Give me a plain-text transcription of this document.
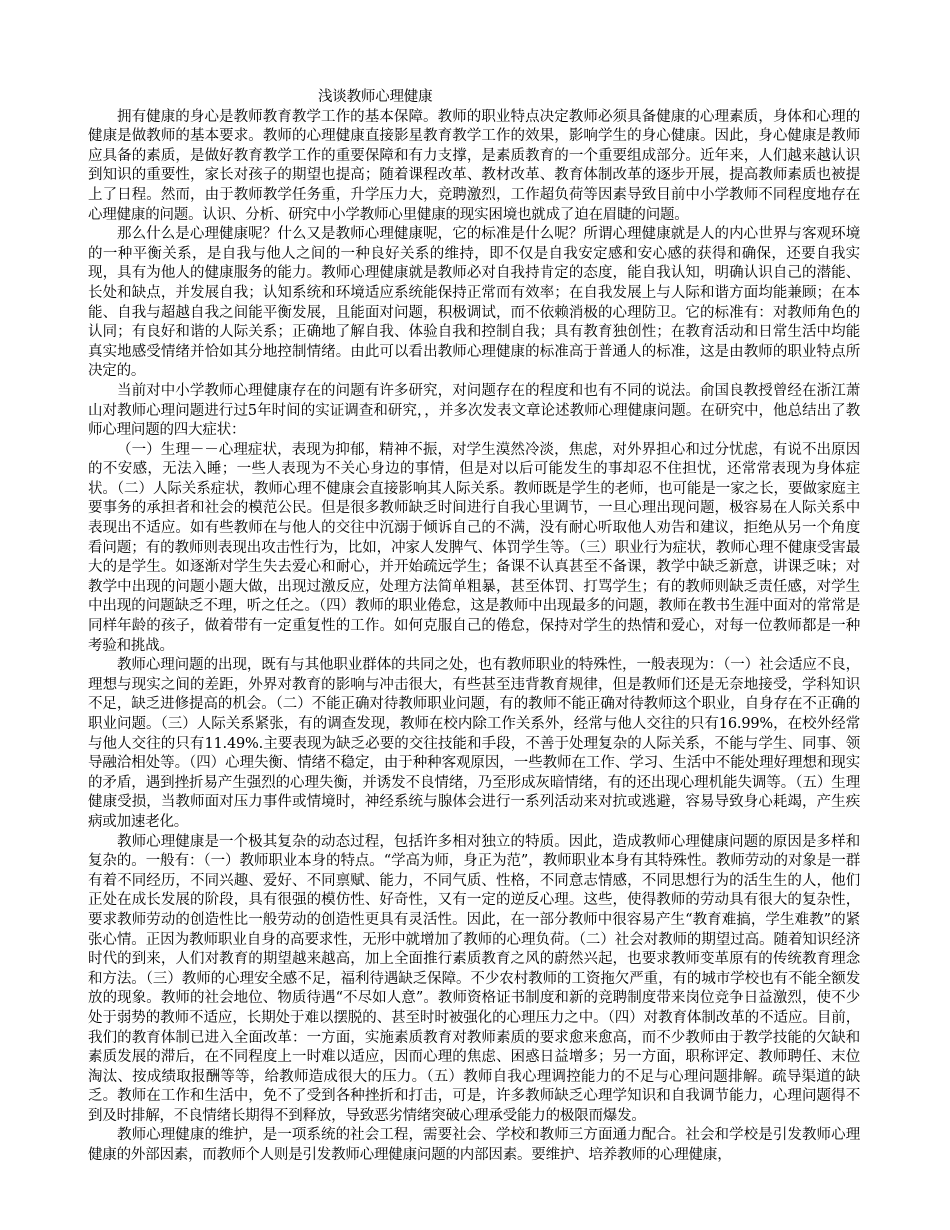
浅谈教师心理健康

拥有健康的身心是教师教育教学工作的基本保障。教师的职业特点决定教师必须具备健康的心理素质，身体和心理的健康是做教师的基本要求。教师的心理健康直接影星教育教学工作的效果，影响学生的身心健康。因此，身心健康是教师应具备的素质，是做好教育教学工作的重要保障和有力支撑，是素质教育的一个重要组成部分。近年来，人们越来越认识到知识的重要性，家长对孩子的期望也提高；随着课程改革、教材改革、教育体制改革的逐步开展，提高教师素质也被提上了日程。然而，由于教师教学任务重，升学压力大，竞聘激烈，工作超负荷等因素导致目前中小学教师不同程度地存在心理健康的问题。认识、分析、研究中小学教师心里健康的现实困境也就成了迫在眉睫的问题。

那么什么是心理健康呢？什么又是教师心理健康呢，它的标准是什么呢？所谓心理健康就是人的内心世界与客观环境的一种平衡关系，是自我与他人之间的一种良好关系的维持，即不仅是自我安定感和安心感的获得和确保，还要自我实现，具有为他人的健康服务的能力。教师心理健康就是教师必对自我持肯定的态度，能自我认知，明确认识自己的潜能、长处和缺点，并发展自我；认知系统和环境适应系统能保持正常而有效率；在自我发展上与人际和谐方面均能兼顾；在本能、自我与超越自我之间能平衡发展，且能面对问题，积极调试，而不依赖消极的心理防卫。它的标准有：对教师角色的认同；有良好和谐的人际关系；正确地了解自我、体验自我和控制自我；具有教育独创性；在教育活动和日常生活中均能真实地感受情绪并恰如其分地控制情绪。由此可以看出教师心理健康的标准高于普通人的标准，这是由教师的职业特点所决定的。

当前对中小学教师心理健康存在的问题有许多研究，对问题存在的程度和也有不同的说法。俞国良教授曾经在浙江萧山对教师心理问题进行过5年时间的实证调查和研究，，并多次发表文章论述教师心理健康问题。在研究中，他总结出了教师心理问题的四大症状：

（一）生理－－心理症状，表现为抑郁，精神不振，对学生漠然冷淡，焦虑，对外界担心和过分忧虑，有说不出原因的不安感，无法入睡；一些人表现为不关心身边的事情，但是对以后可能发生的事却忍不住担忧，还常常表现为身体症状。（二）人际关系症状，教师心理不健康会直接影响其人际关系。教师既是学生的老师，也可能是一家之长，要做家庭主要事务的承担者和社会的模范公民。但是很多教师缺乏时间进行自我心里调节，一旦心理出现问题，极容易在人际关系中表现出不适应。如有些教师在与他人的交往中沉溺于倾诉自己的不满，没有耐心听取他人劝告和建议，拒绝从另一个角度看问题；有的教师则表现出攻击性行为，比如，冲家人发脾气、体罚学生等。（三）职业行为症状，教师心理不健康受害最大的是学生。如逐渐对学生失去爱心和耐心，并开始疏远学生；备课不认真甚至不备课，教学中缺乏新意，讲课乏味；对教学中出现的问题小题大做，出现过激反应，处理方法简单粗暴，甚至体罚、打骂学生；有的教师则缺乏责任感，对学生中出现的问题缺乏不理，听之任之。（四）教师的职业倦怠，这是教师中出现最多的问题，教师在教书生涯中面对的常常是同样年龄的孩子，做着带有一定重复性的工作。如何克服自己的倦怠，保持对学生的热情和爱心，对每一位教师都是一种考验和挑战。

教师心理问题的出现，既有与其他职业群体的共同之处，也有教师职业的特殊性，一般表现为：（一）社会适应不良，理想与现实之间的差距，外界对教育的影响与冲击很大，有些甚至违背教育规律，但是教师们还是无奈地接受，学科知识不足，缺乏进修提高的机会。（二）不能正确对待教师职业问题，有的教师不能正确对待教师这个职业，自身存在不正确的职业问题。（三）人际关系紧张，有的调查发现，教师在校内除工作关系外，经常与他人交往的只有16.99%，在校外经常与他人交往的只有11.49%.主要表现为缺乏必要的交往技能和手段，不善于处理复杂的人际关系，不能与学生、同事、领导融洽相处等。（四）心理失衡、情绪不稳定，由于种种客观原因，一些教师在工作、学习、生活中不能处理好理想和现实的矛盾，遇到挫折易产生强烈的心理失衡，并诱发不良情绪，乃至形成灰暗情绪，有的还出现心理机能失调等。（五）生理健康受损，当教师面对压力事件或情境时，神经系统与腺体会进行一系列活动来对抗或逃避，容易导致身心耗竭，产生疾病或加速老化。

教师心理健康是一个极其复杂的动态过程，包括许多相对独立的特质。因此，造成教师心理健康问题的原因是多样和复杂的。一般有：（一）教师职业本身的特点。“学高为师，身正为范”，教师职业本身有其特殊性。教师劳动的对象是一群有着不同经历，不同兴趣、爱好、不同禀赋、能力，不同气质、性格，不同意志情感，不同思想行为的活生生的人，他们正处在成长发展的阶段，具有很强的模仿性、好奇性，又有一定的逆反心理。这些，使得教师的劳动具有很大的复杂性，要求教师劳动的创造性比一般劳动的创造性更具有灵活性。因此，在一部分教师中很容易产生“教育难搞，学生难教”的紧张心情。正因为教师职业自身的高要求性，无形中就增加了教师的心理负荷。（二）社会对教师的期望过高。随着知识经济时代的到来，人们对教育的期望越来越高，加上全面推行素质教育之风的蔚然兴起，也要求教师变革原有的传统教育理念和方法。（三）教师的心理安全感不足，福利待遇缺乏保障。不少农村教师的工资拖欠严重，有的城市学校也有不能全额发放的现象。教师的社会地位、物质待遇“不尽如人意”。教师资格证书制度和新的竞聘制度带来岗位竞争日益激烈，使不少处于弱势的教师不适应，长期处于难以摆脱的、甚至时时被强化的心理压力之中。（四）对教育体制改革的不适应。目前，我们的教育体制已进入全面改革：一方面，实施素质教育对教师素质的要求愈来愈高，而不少教师由于教学技能的欠缺和素质发展的滞后，在不同程度上一时难以适应，因而心理的焦虑、困惑日益增多；另一方面，职称评定、教师聘任、末位淘汰、按成绩取报酬等等，给教师造成很大的压力。（五）教师自我心理调控能力的不足与心理问题排解。疏导渠道的缺乏。教师在工作和生活中，免不了受到各种挫折和打击，可是，许多教师缺乏心理学知识和自我调节能力，心理问题得不到及时排解，不良情绪长期得不到释放，导致恶劣情绪突破心理承受能力的极限而爆发。

教师心理健康的维护，是一项系统的社会工程，需要社会、学校和教师三方面通力配合。社会和学校是引发教师心理健康的外部因素，而教师个人则是引发教师心理健康问题的内部因素。要维护、培养教师的心理健康，
